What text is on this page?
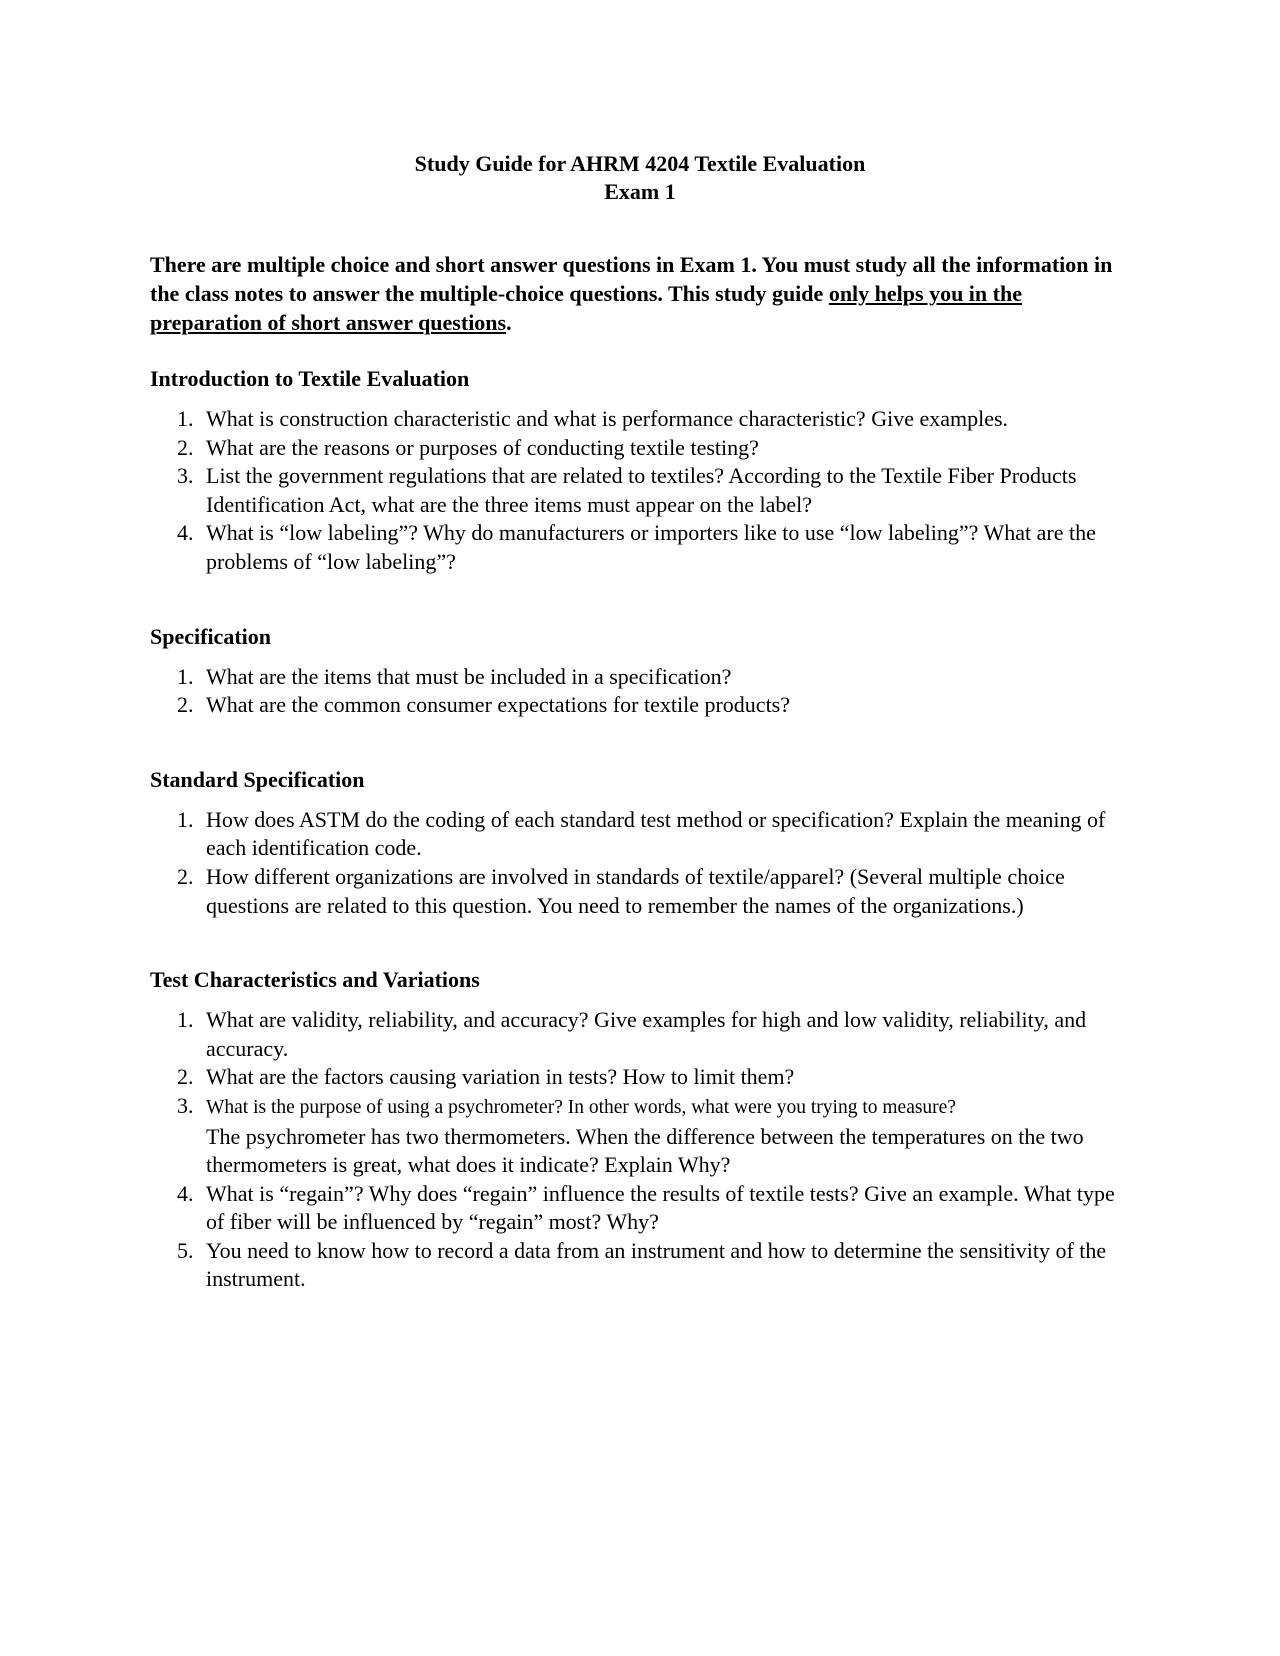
Study Guide for AHRM 4204 Textile Evaluation
Exam 1

There are multiple choice and short answer questions in Exam 1. You must study all the information in the class notes to answer the multiple-choice questions. This study guide only helps you in the preparation of short answer questions.

Introduction to Textile Evaluation

1. What is construction characteristic and what is performance characteristic? Give examples.
2. What are the reasons or purposes of conducting textile testing?
3. List the government regulations that are related to textiles? According to the Textile Fiber Products Identification Act, what are the three items must appear on the label?
4. What is “low labeling”? Why do manufacturers or importers like to use “low labeling”? What are the problems of “low labeling”?

Specification

1. What are the items that must be included in a specification?
2. What are the common consumer expectations for textile products?

Standard Specification

1. How does ASTM do the coding of each standard test method or specification? Explain the meaning of each identification code.
2. How different organizations are involved in standards of textile/apparel? (Several multiple choice questions are related to this question. You need to remember the names of the organizations.)

Test Characteristics and Variations

1. What are validity, reliability, and accuracy? Give examples for high and low validity, reliability, and accuracy.
2. What are the factors causing variation in tests? How to limit them?
3. What is the purpose of using a psychrometer? In other words, what were you trying to measure?
The psychrometer has two thermometers. When the difference between the temperatures on the two thermometers is great, what does it indicate? Explain Why?
4. What is “regain”? Why does “regain” influence the results of textile tests? Give an example. What type of fiber will be influenced by “regain” most? Why?
5. You need to know how to record a data from an instrument and how to determine the sensitivity of the instrument.
